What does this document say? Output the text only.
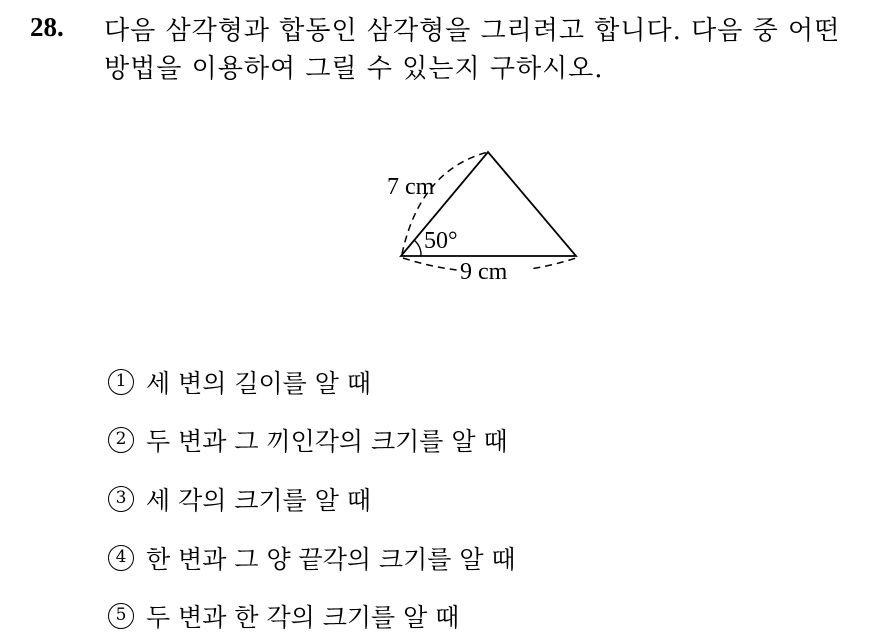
28. 다음 삼각형과 합동인 삼각형을 그리려고 합니다. 다음 중 어떤
방법을 이용하여 그릴 수 있는지 구하시오.
7 cm
50°
9 cm
1 세 변의 길이를 알 때
2 두 변과 그 끼인각의 크기를 알 때
3 세 각의 크기를 알 때
4 한 변과 그 양 끝각의 크기를 알 때
5 두 변과 한 각의 크기를 알 때
